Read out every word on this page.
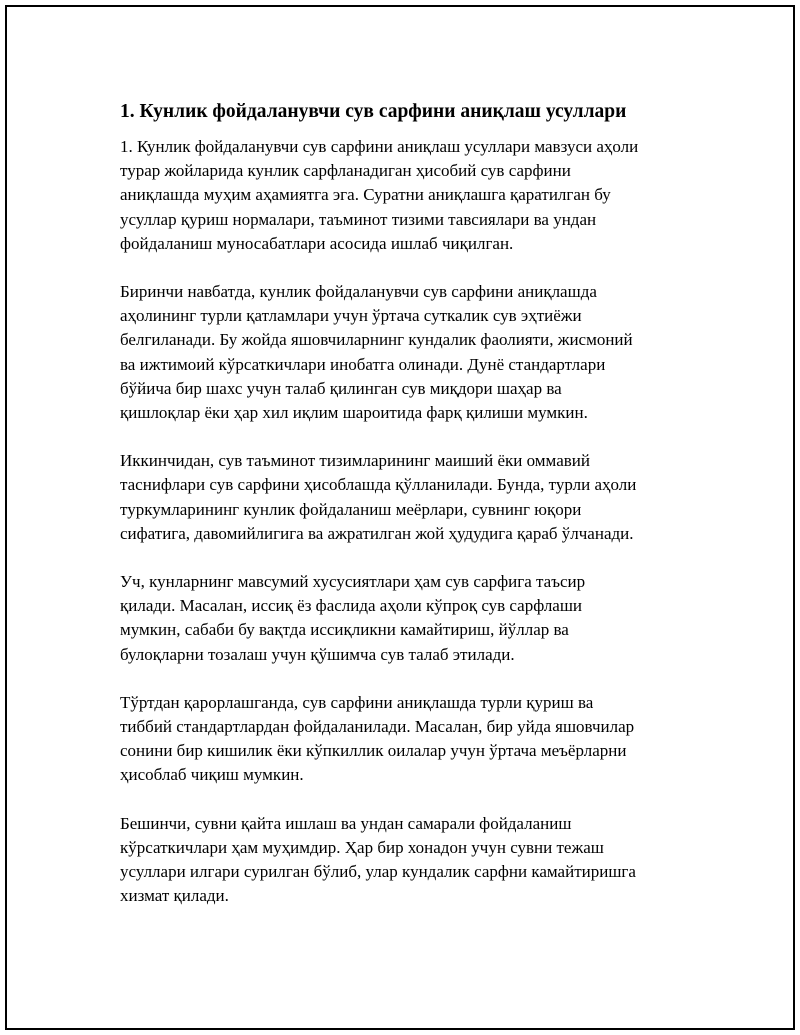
1. Кунлик фойдаланувчи сув сарфини аниқлаш усуллари

1. Кунлик фойдаланувчи сув сарфини аниқлаш усуллари мавзуси аҳоли
турар жойларида кунлик сарфланадиган ҳисобий сув сарфини
аниқлашда муҳим аҳамиятга эга. Суратни аниқлашга қаратилган бу
усуллар қуриш нормалари, таъминот тизими тавсиялари ва ундан
фойдаланиш муносабатлари асосида ишлаб чиқилган.

Биринчи навбатда, кунлик фойдаланувчи сув сарфини аниқлашда
аҳолининг турли қатламлари учун ўртача суткалик сув эҳтиёжи
белгиланади. Бу жойда яшовчиларнинг кундалик фаолияти, жисмоний
ва ижтимоий кўрсаткичлари инобатга олинади. Дунё стандартлари
бўйича бир шахс учун талаб қилинган сув миқдори шаҳар ва
қишлоқлар ёки ҳар хил иқлим шароитида фарқ қилиши мумкин.

Иккинчидан, сув таъминот тизимларининг маиший ёки оммавий
таснифлари сув сарфини ҳисоблашда қўлланилади. Бунда, турли аҳоли
туркумларининг кунлик фойдаланиш меёрлари, сувнинг юқори
сифатига, давомийлигига ва ажратилган жой ҳудудига қараб ўлчанади.

Уч, кунларнинг мавсумий хусусиятлари ҳам сув сарфига таъсир
қилади. Масалан, иссиқ ёз фаслида аҳоли кўпроқ сув сарфлаши
мумкин, сабаби бу вақтда иссиқликни камайтириш, йўллар ва
булоқларни тозалаш учун қўшимча сув талаб этилади.

Тўртдан қарорлашганда, сув сарфини аниқлашда турли қуриш ва
тиббий стандартлардан фойдаланилади. Масалан, бир уйда яшовчилар
сонини бир кишилик ёки кўпкиллик оилалар учун ўртача меъёрларни
ҳисоблаб чиқиш мумкин.

Бешинчи, сувни қайта ишлаш ва ундан самарали фойдаланиш
кўрсаткичлари ҳам муҳимдир. Ҳар бир хонадон учун сувни тежаш
усуллари илгари сурилган бўлиб, улар кундалик сарфни камайтиришга
хизмат қилади.
